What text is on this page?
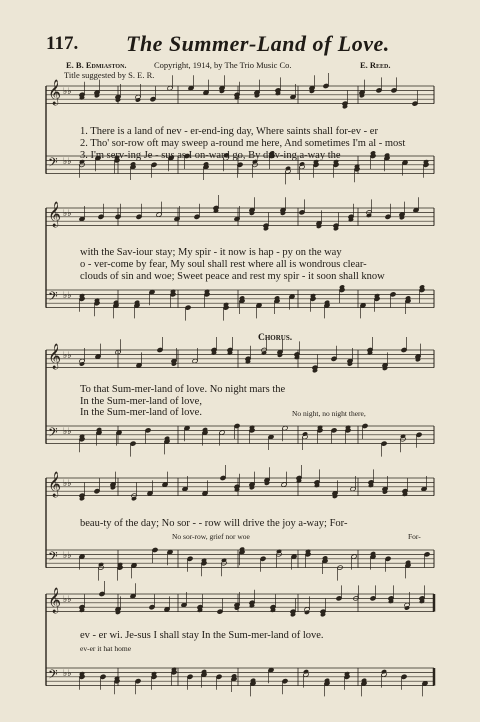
117. The Summer-Land of Love.
E. B. Edmiaston.	Copyright, 1914, by The Trio Music Co.	E. Reed.
Title suggested by S. E. R.
𝄞 ♭♭
𝄢 ♭♭
1. There is a land of nev - er-end-ing day, Where saints shall for-ev - er
2. Tho' sor-row oft may sweep a-round me here, And sometimes I'm al - most
3. I'm serv-ing Je - sus as I on-ward go, By driv-ing a-way the
𝄞 ♭♭
𝄢 ♭♭
with the Sav-iour stay; My spir - it now is hap - py on the way
o - ver-come by fear, My soul shall rest where all is wondrous clear-
clouds of sin and woe; Sweet peace and rest my spir - it soon shall know
Chorus.
𝄞 ♭♭
𝄢 ♭♭
To that Sum-mer-land of love. No night mars the
In the Sum-mer-land of love,
In the Sum-mer-land of love.	No night, no night there,
𝄞 ♭♭
𝄢 ♭♭
beau-ty of the day; No sor - - row will drive the joy a-way; For-
No sor-row, grief nor woe	For-
𝄞 ♭♭
𝄢 ♭♭
ev - er wi. Je-sus I shall stay In the Sum-mer-land of love.
ev-er it hat home
